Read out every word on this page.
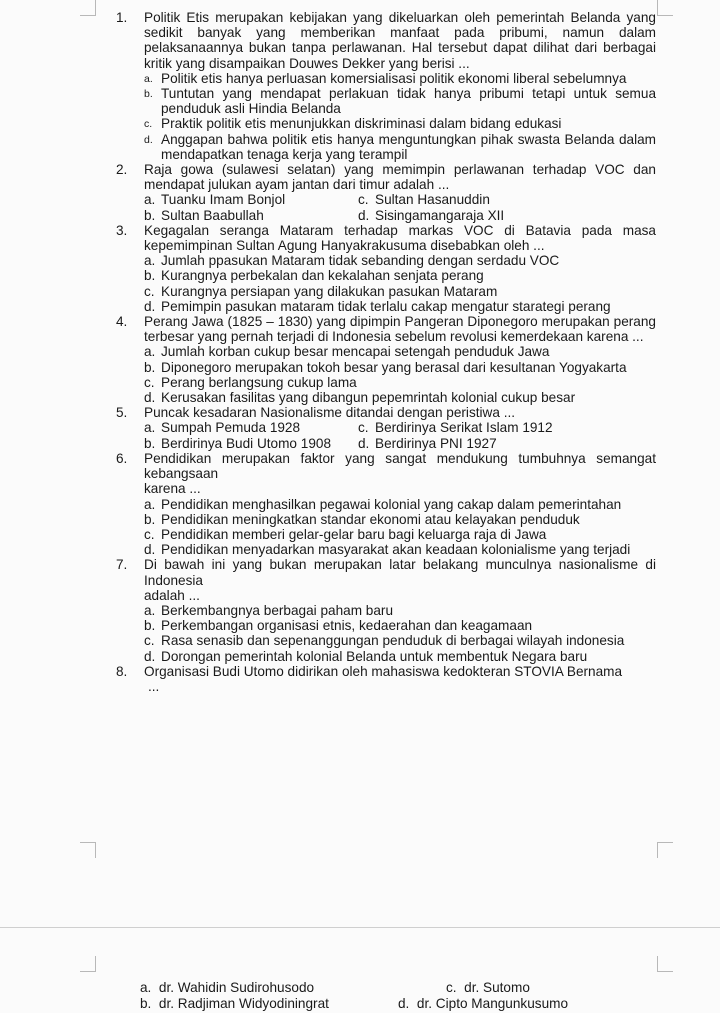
1. Politik Etis merupakan kebijakan yang dikeluarkan oleh pemerintah Belanda yang sedikit banyak yang memberikan manfaat pada pribumi, namun dalam pelaksanaannya bukan tanpa perlawanan. Hal tersebut dapat dilihat dari berbagai kritik yang disampaikan Douwes Dekker yang berisi ...
a. Politik etis hanya perluasan komersialisasi politik ekonomi liberal sebelumnya
b. Tuntutan yang mendapat perlakuan tidak hanya pribumi tetapi untuk semua penduduk asli Hindia Belanda
c. Praktik politik etis menunjukkan diskriminasi dalam bidang edukasi
d. Anggapan bahwa politik etis hanya menguntungkan pihak swasta Belanda dalam mendapatkan tenaga kerja yang terampil
2. Raja gowa (sulawesi selatan) yang memimpin perlawanan terhadap VOC dan mendapat julukan ayam jantan dari timur adalah ...
a. Tuanku Imam Bonjol	c. Sultan Hasanuddin
b. Sultan Baabullah	d. Sisingamangaraja XII
3. Kegagalan seranga Mataram terhadap markas VOC di Batavia pada masa kepemimpinan Sultan Agung Hanyakrakusuma disebabkan oleh ...
a. Jumlah ppasukan Mataram tidak sebanding dengan serdadu VOC
b. Kurangnya perbekalan dan kekalahan senjata perang
c. Kurangnya persiapan yang dilakukan pasukan Mataram
d. Pemimpin pasukan mataram tidak terlalu cakap mengatur starategi perang
4. Perang Jawa (1825 – 1830) yang dipimpin Pangeran Diponegoro merupakan perang terbesar yang pernah terjadi di Indonesia sebelum revolusi kemerdekaan karena ...
a. Jumlah korban cukup besar mencapai setengah penduduk Jawa
b. Diponegoro merupakan tokoh besar yang berasal dari kesultanan Yogyakarta
c. Perang berlangsung cukup lama
d. Kerusakan fasilitas yang dibangun pepemrintah kolonial cukup besar
5. Puncak kesadaran Nasionalisme ditandai dengan peristiwa ...
a. Sumpah Pemuda 1928	c. Berdirinya Serikat Islam 1912
b. Berdirinya Budi Utomo 1908	d. Berdirinya PNI 1927
6. Pendidikan merupakan faktor yang sangat mendukung tumbuhnya semangat kebangsaan
karena ...
a. Pendidikan menghasilkan pegawai kolonial yang cakap dalam pemerintahan
b. Pendidikan meningkatkan standar ekonomi atau kelayakan penduduk
c. Pendidikan memberi gelar-gelar baru bagi keluarga raja di Jawa
d. Pendidikan menyadarkan masyarakat akan keadaan kolonialisme yang terjadi
7. Di bawah ini yang bukan merupakan latar belakang munculnya nasionalisme di Indonesia
adalah ...
a. Berkembangnya berbagai paham baru
b. Perkembangan organisasi etnis, kedaerahan dan keagamaan
c. Rasa senasib dan sepenanggungan penduduk di berbagai wilayah indonesia
d. Dorongan pemerintah kolonial Belanda untuk membentuk Negara baru
8. Organisasi Budi Utomo didirikan oleh mahasiswa kedokteran STOVIA Bernama
...
a. dr. Wahidin Sudirohusodo	c. dr. Sutomo
b. dr. Radjiman Widyodiningrat	d. dr. Cipto Mangunkusumo
